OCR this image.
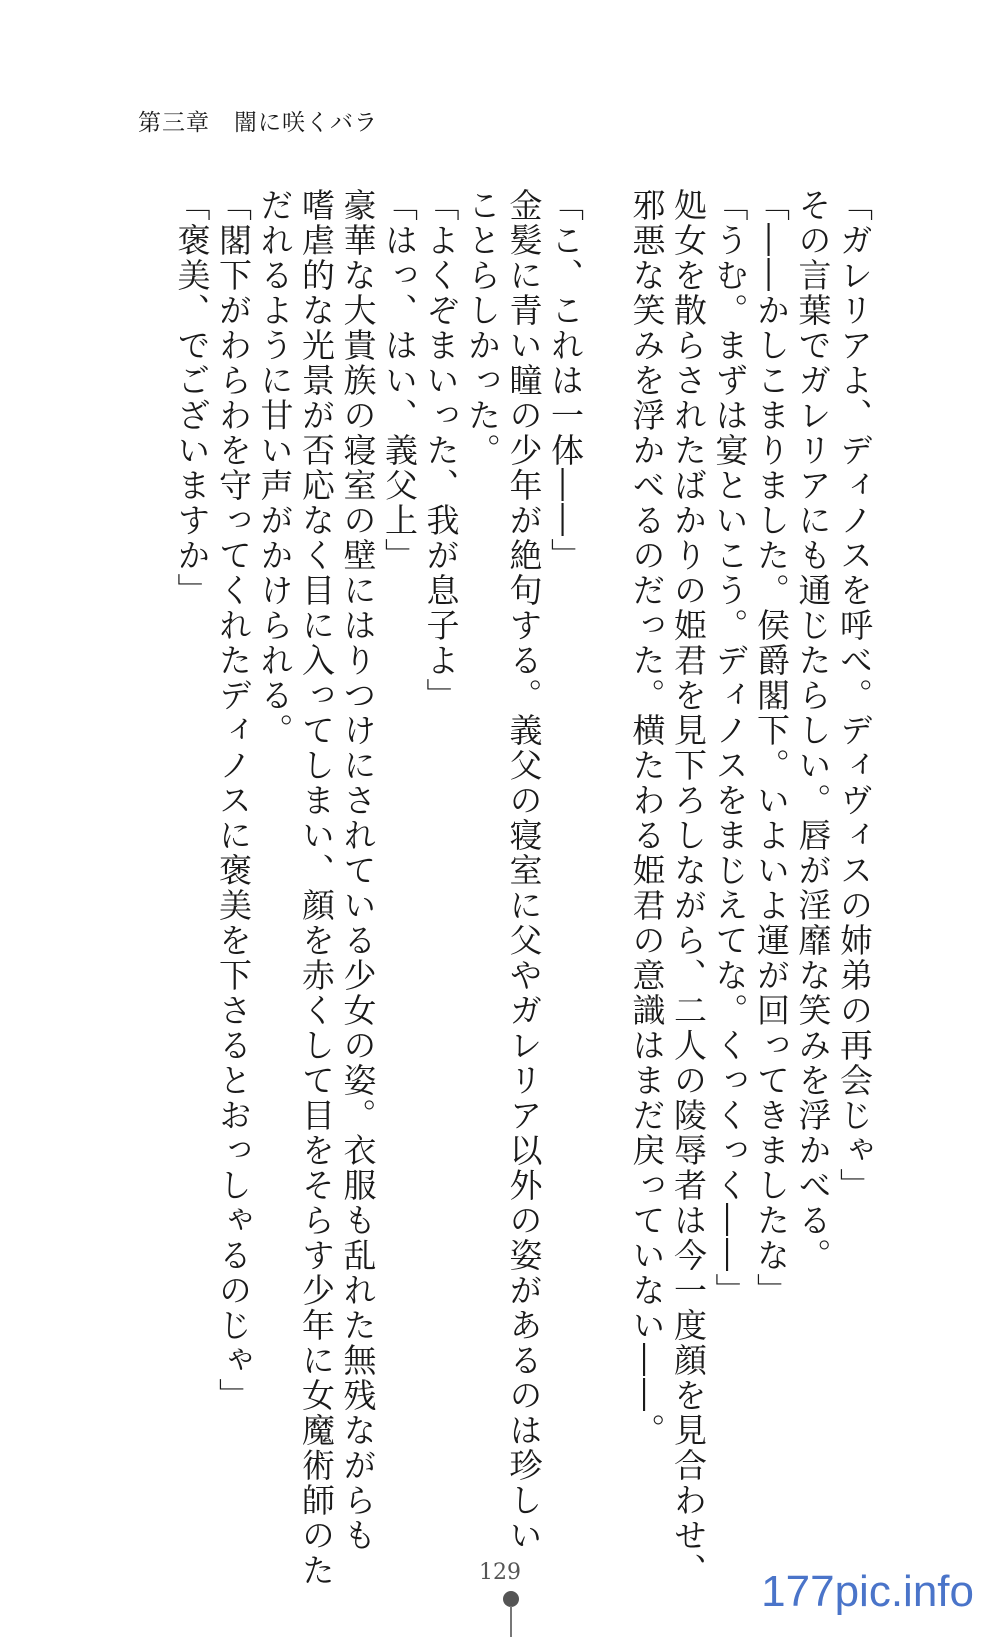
第三章　闇に咲くバラ
「ガレリアよ、ディノスを呼べ。ディヴィスの姉弟の再会じゃ」
その言葉でガレリアにも通じたらしい。唇が淫靡な笑みを浮かべる。
「――かしこまりました。侯爵閣下。いよいよ運が回ってきましたな」
「うむ。まずは宴といこう。ディノスをまじえてな。くっくっく――」
処女を散らされたばかりの姫君を見下ろしながら、二人の陵辱者は今一度顔を見合わせ、
邪悪な笑みを浮かべるのだった。横たわる姫君の意識はまだ戻っていない――。
「こ、これは一体――」
金髪に青い瞳の少年が絶句する。義父の寝室に父やガレリア以外の姿があるのは珍しい
ことらしかった。
「よくぞまいった、我が息子よ」
「はっ、はい、義父上」
豪華な大貴族の寝室の壁にはりつけにされている少女の姿。衣服も乱れた無残ながらも
嗜虐的な光景が否応なく目に入ってしまい、顔を赤くして目をそらす少年に女魔術師のた
だれるように甘い声がかけられる。
「閣下がわらわを守ってくれたディノスに褒美を下さるとおっしゃるのじゃ」
「褒美、でございますか」
129	177pic.info
